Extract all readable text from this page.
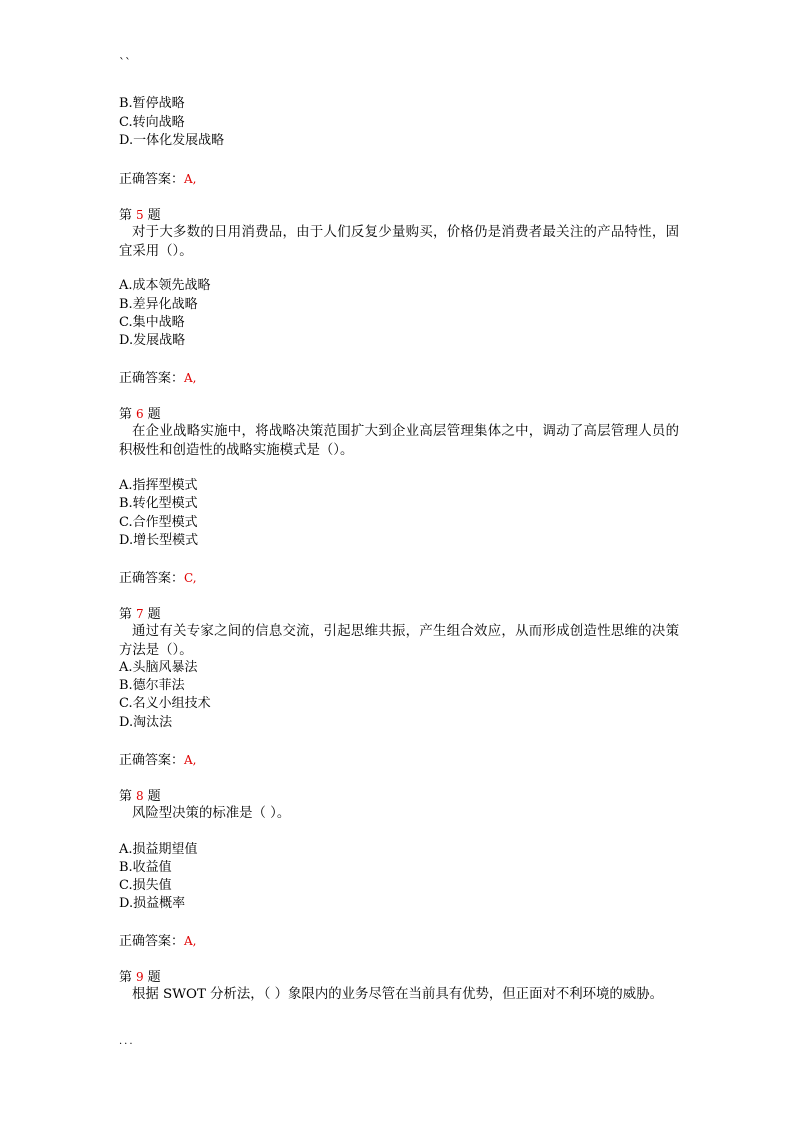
``
B.暂停战略
C.转向战略
D.一体化发展战略
正确答案：A,
第 5 题
对于大多数的日用消费品，由于人们反复少量购买，价格仍是消费者最关注的产品特性，固宜采用（）。
A.成本领先战略
B.差异化战略
C.集中战略
D.发展战略
正确答案：A,
第 6 题
在企业战略实施中，将战略决策范围扩大到企业高层管理集体之中，调动了高层管理人员的积极性和创造性的战略实施模式是（）。
A.指挥型模式
B.转化型模式
C.合作型模式
D.增长型模式
正确答案：C,
第 7 题
通过有关专家之间的信息交流，引起思维共振，产生组合效应，从而形成创造性思维的决策方法是（）。
A.头脑风暴法
B.德尔菲法
C.名义小组技术
D.淘汰法
正确答案：A,
第 8 题
风险型决策的标准是（ ）。
A.损益期望值
B.收益值
C.损失值
D.损益概率
正确答案：A,
第 9 题
根据 SWOT 分析法，（ ）象限内的业务尽管在当前具有优势，但正面对不利环境的威胁。
...
